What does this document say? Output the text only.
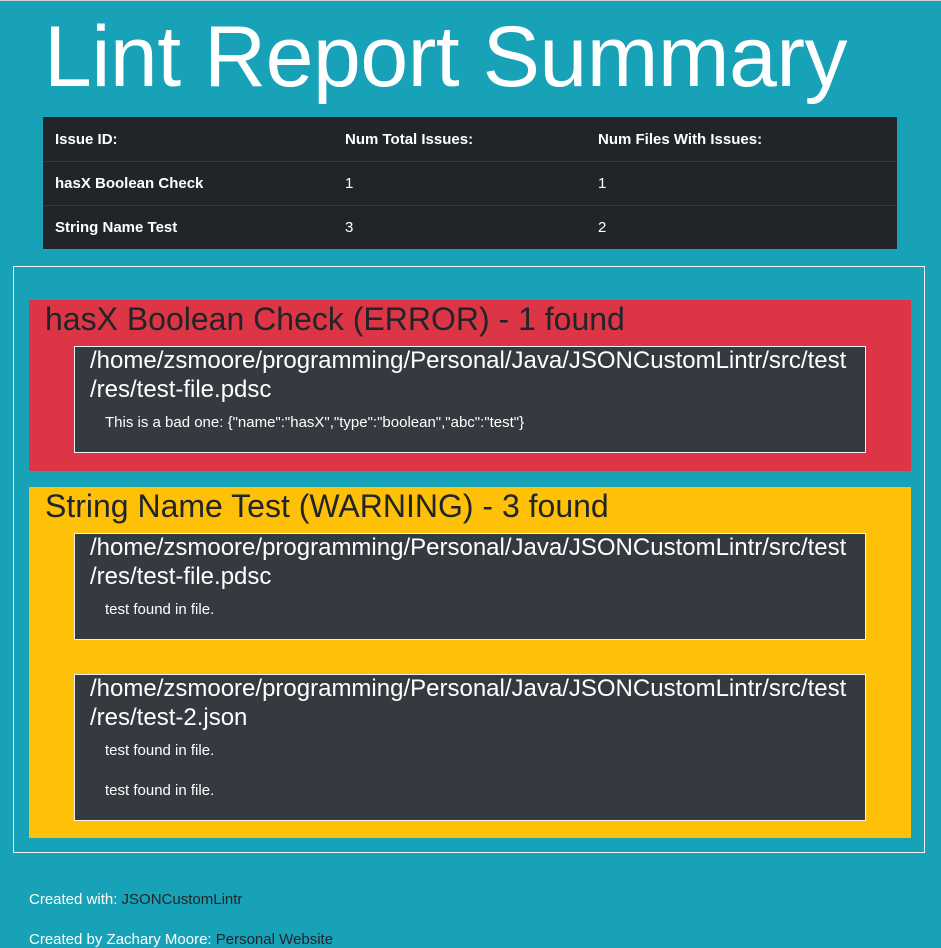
Lint Report Summary
Issue ID:	Num Total Issues:	Num Files With Issues:
hasX Boolean Check	1	1
String Name Test	3	2
hasX Boolean Check (ERROR) - 1 found
/home/zsmoore/programming/Personal/Java/JSONCustomLintr/src/test
/res/test-file.pdsc
This is a bad one: {"name":"hasX","type":"boolean","abc":"test"}
String Name Test (WARNING) - 3 found
/home/zsmoore/programming/Personal/Java/JSONCustomLintr/src/test
/res/test-file.pdsc
test found in file.
/home/zsmoore/programming/Personal/Java/JSONCustomLintr/src/test
/res/test-2.json
test found in file.
test found in file.
Created with: JSONCustomLintr
Created by Zachary Moore: Personal Website
